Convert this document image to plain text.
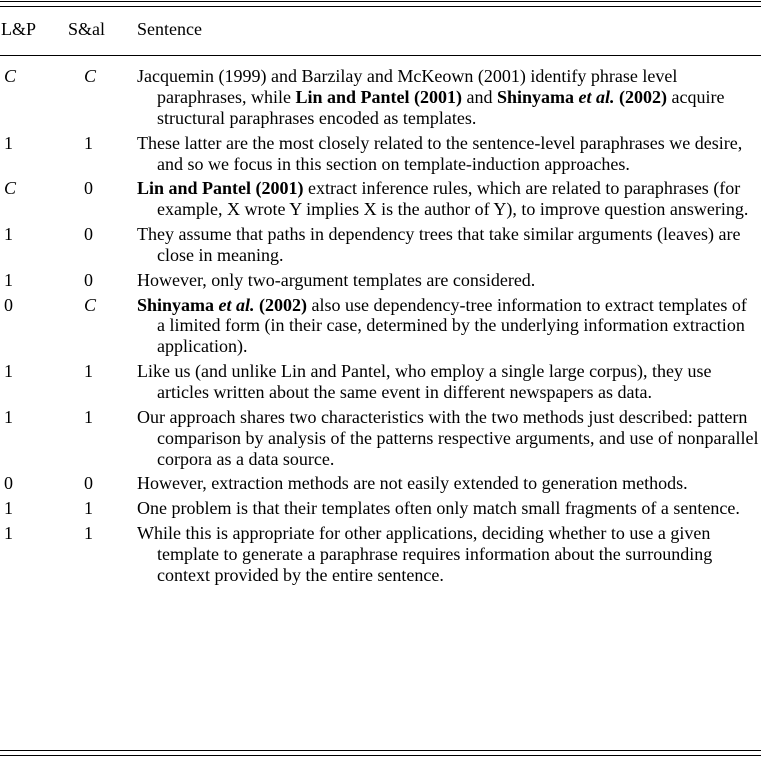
L&P S&al Sentence
C	C	Jacquemin (1999) and Barzilay and McKeown (2001) identify phrase level paraphrases, while Lin and Pantel (2001) and Shinyama et al. (2002) acquire structural paraphrases encoded as templates.
1	1	These latter are the most closely related to the sentence-level paraphrases we desire, and so we focus in this section on template-induction approaches.
C	0	Lin and Pantel (2001) extract inference rules, which are related to paraphrases (for example, X wrote Y implies X is the author of Y), to improve question answering.
1	0	They assume that paths in dependency trees that take similar arguments (leaves) are close in meaning.
1	0	However, only two-argument templates are considered.
0	C	Shinyama et al. (2002) also use dependency-tree information to extract templates of a limited form (in their case, determined by the underlying information extraction application).
1	1	Like us (and unlike Lin and Pantel, who employ a single large corpus), they use articles written about the same event in different newspapers as data.
1	1	Our approach shares two characteristics with the two methods just described: pattern comparison by analysis of the patterns respective arguments, and use of nonparallel corpora as a data source.
0	0	However, extraction methods are not easily extended to generation methods.
1	1	One problem is that their templates often only match small fragments of a sentence.
1	1	While this is appropriate for other applications, deciding whether to use a given template to generate a paraphrase requires information about the surrounding context provided by the entire sentence.
